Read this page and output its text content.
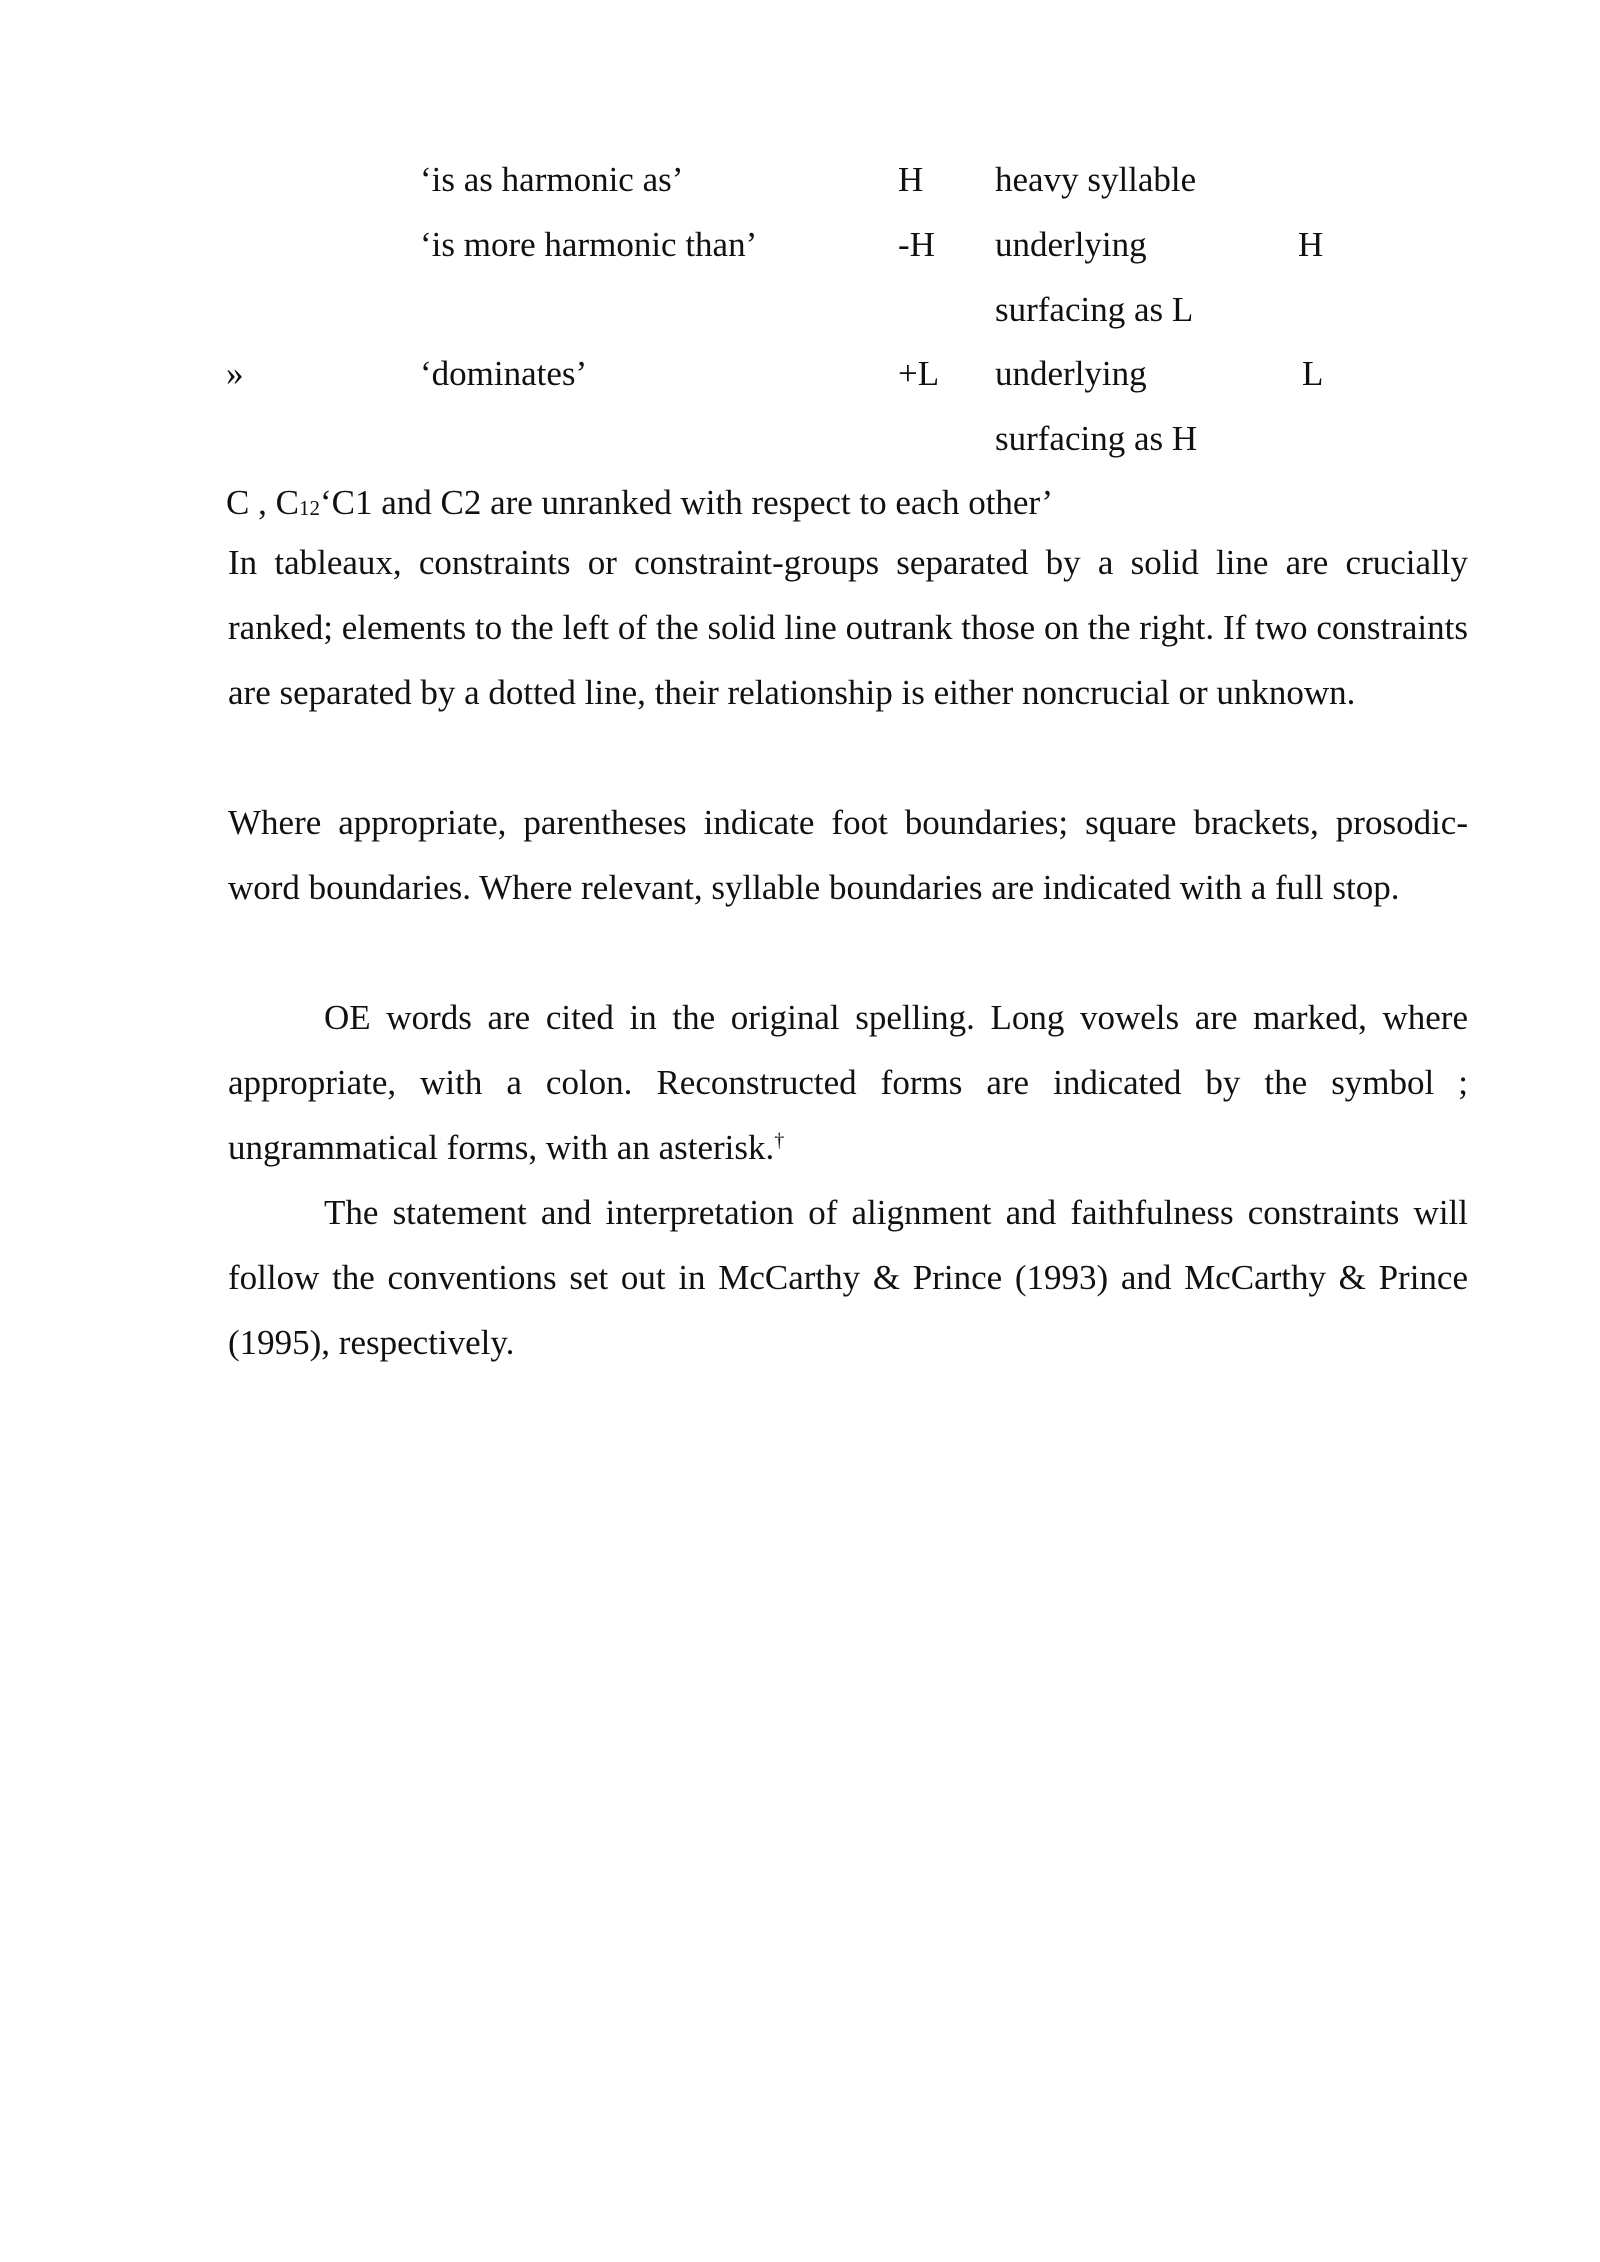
‘is as harmonic as’	H heavy syllable
‘is more harmonic than’	-H underlying	H
surfacing as L
»	‘dominates’	+L underlying	L
surfacing as H
C , $C_{12}‘C1$ and C2 are unranked with respect to each other’

In tableaux, constraints or constraint-groups separated by a solid line are crucially ranked; elements to the left of the solid line outrank those on the right. If two constraints are separated by a dotted line, their relationship is either noncrucial or unknown.

Where appropriate, parentheses indicate foot boundaries; square brackets, prosodic-word boundaries. Where relevant, syllable boundaries are indicated with a full stop.

OE words are cited in the original spelling. Long vowels are marked, where appropriate, with a colon. Reconstructed forms are indicated by the symbol ; ungrammatical forms, with an asterisk.†

The statement and interpretation of alignment and faithfulness constraints will follow the conventions set out in McCarthy & Prince (1993) and McCarthy & Prince (1995), respectively.
